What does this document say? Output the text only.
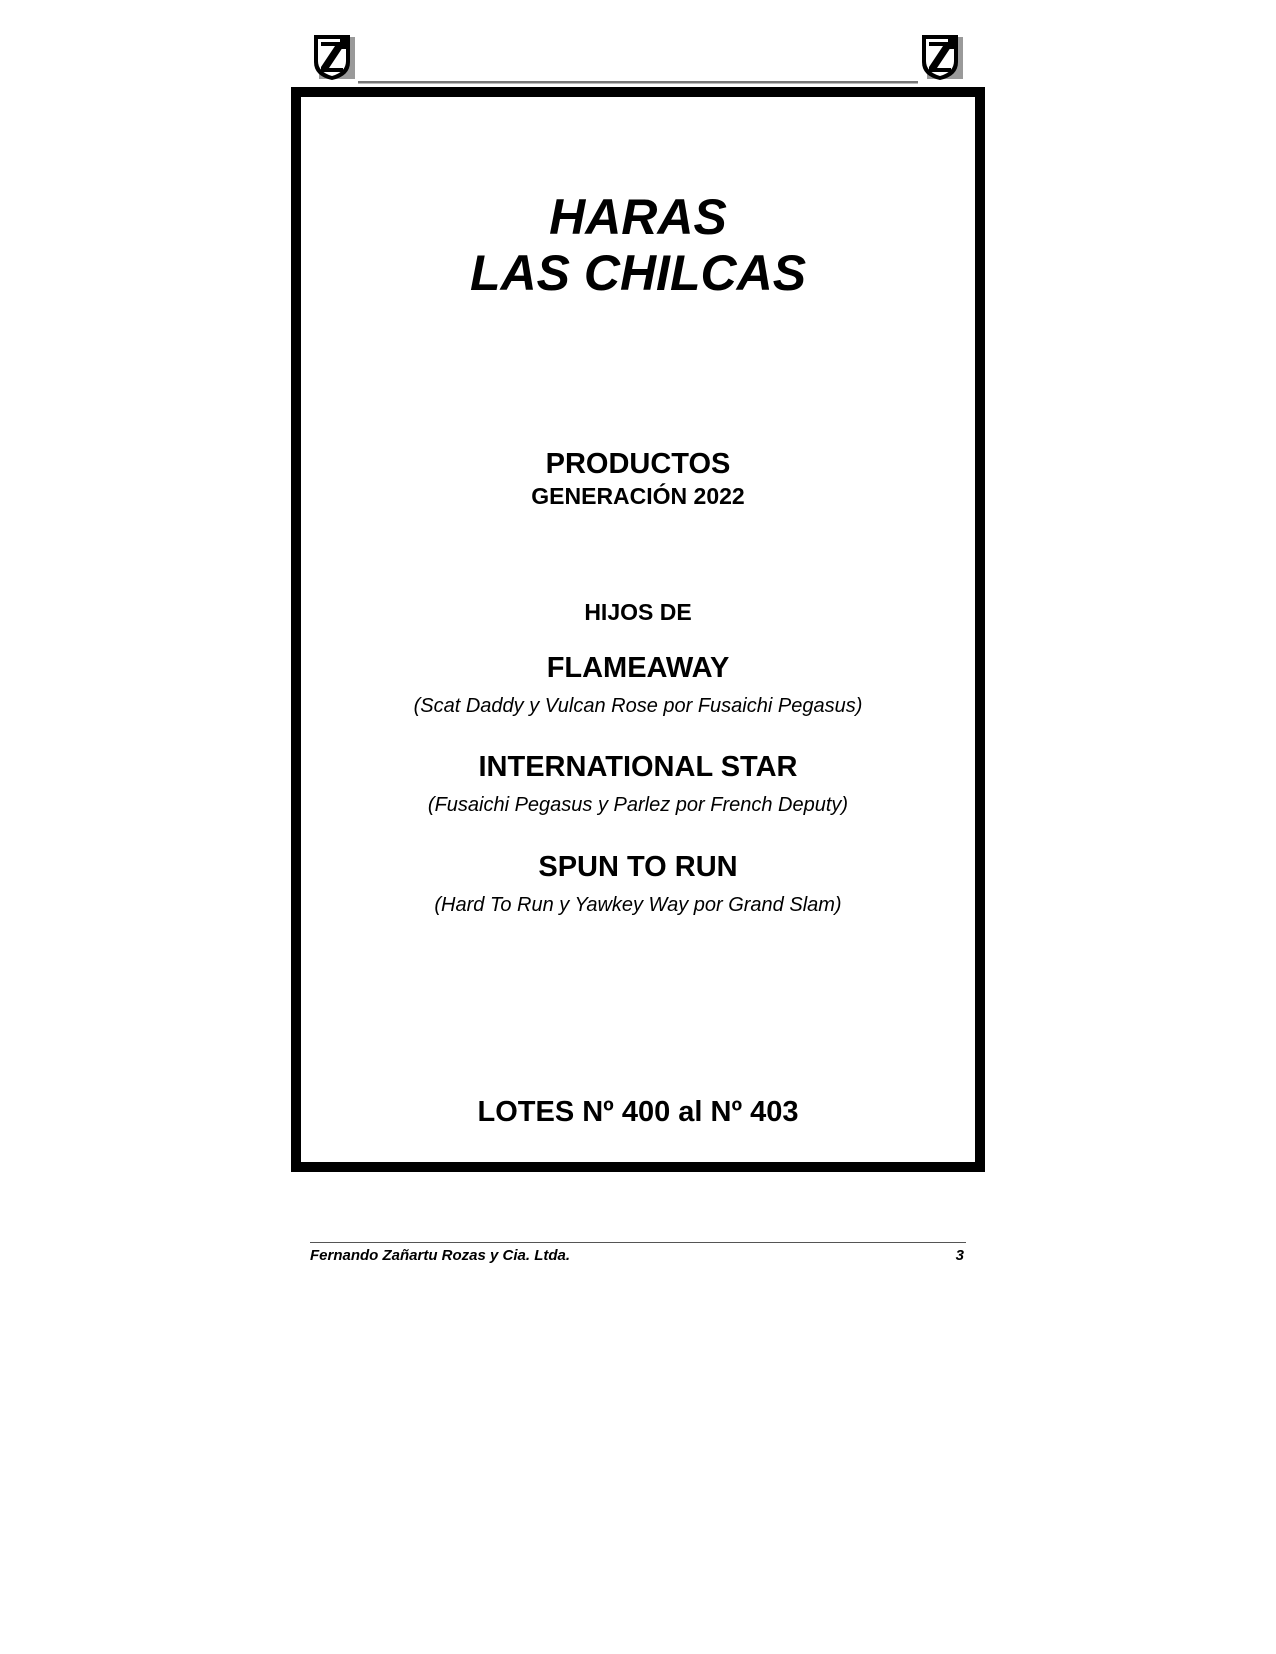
HARAS
LAS CHILCAS
PRODUCTOS
GENERACIÓN 2022
HIJOS DE
FLAMEAWAY
(Scat Daddy y Vulcan Rose por Fusaichi Pegasus)
INTERNATIONAL STAR
(Fusaichi Pegasus y Parlez por French Deputy)
SPUN TO RUN
(Hard To Run y Yawkey Way por Grand Slam)
LOTES Nº 400 al Nº 403
Fernando Zañartu Rozas y Cia. Ltda.	3
